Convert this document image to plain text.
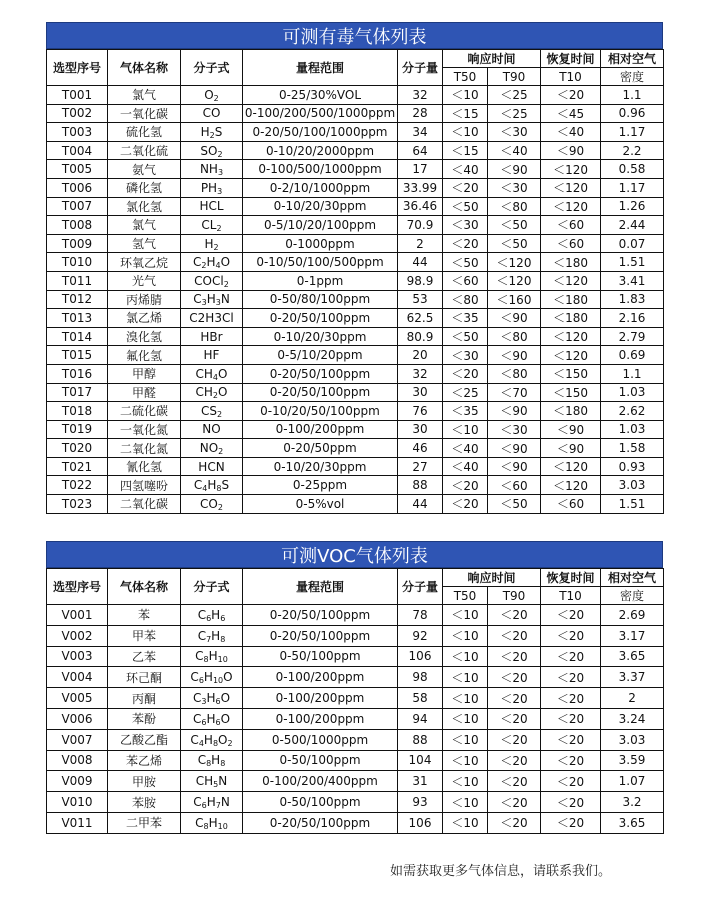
可测有毒气体列表
选型序号	气体名称	分子式	量程范围	分子量	响应时间		恢复时间	相对空气
					T50	T90	T10	密度
T001	氯气	$O_2$	0-25/30%VOL	32	＜10	＜25	＜20	1.1
T002	一氧化碳	CO	0-100/200/500/1000ppm	28	＜15	＜25	＜45	0.96
T003	硫化氢	$H_2S$	0-20/50/100/1000ppm	34	＜10	＜30	＜40	1.17
T004	二氧化硫	$SO_2$	0-10/20/2000ppm	64	＜15	＜40	＜90	2.2
T005	氨气	$NH_3$	0-100/500/1000ppm	17	＜40	＜90	＜120	0.58
T006	磷化氢	$PH_3$	0-2/10/1000ppm	33.99	＜20	＜30	＜120	1.17
T007	氯化氢	HCL	0-10/20/30ppm	36.46	＜50	＜80	＜120	1.26
T008	氯气	$CL_2$	0-5/10/20/100ppm	70.9	＜30	＜50	＜60	2.44
T009	氢气	$H_2$	0-1000ppm	2	＜20	＜50	＜60	0.07
T010	环氧乙烷	$C_2H_4O$	0-10/50/100/500ppm	44	＜50	＜120	＜180	1.51
T011	光气	COCl$_2$	0-1ppm	98.9	＜60	＜120	＜120	3.41
T012	丙烯腈	$C_3H_3N$	0-50/80/100ppm	53	＜80	＜160	＜180	1.83
T013	氯乙烯	C2H3Cl	0-20/50/100ppm	62.5	＜35	＜90	＜180	2.16
T014	溴化氢	HBr	0-10/20/30ppm	80.9	＜50	＜80	＜120	2.79
T015	氟化氢	HF	0-5/10/20ppm	20	＜30	＜90	＜120	0.69
T016	甲醇	$CH_4O$	0-20/50/100ppm	32	＜20	＜80	＜150	1.1
T017	甲醛	$CH_2O$	0-20/50/100ppm	30	＜25	＜70	＜150	1.03
T018	二硫化碳	$CS_2$	0-10/20/50/100ppm	76	＜35	＜90	＜180	2.62
T019	一氧化氮	NO	0-100/200ppm	30	＜10	＜30	＜90	1.03
T020	二氧化氮	$NO_2$	0-20/50ppm	46	＜40	＜90	＜90	1.58
T021	氰化氢	HCN	0-10/20/30ppm	27	＜40	＜90	＜120	0.93
T022	四氢噻吩	$C_4H_8S$	0-25ppm	88	＜20	＜60	＜120	3.03
T023	二氧化碳	$CO_2$	0-5%vol	44	＜20	＜50	＜60	1.51
可测VOC气体列表
选型序号	气体名称	分子式	量程范围	分子量	响应时间		恢复时间	相对空气
					T50	T90	T10	密度
V001	苯	$C_6H_6$	0-20/50/100ppm	78	＜10	＜20	＜20	2.69
V002	甲苯	$C_7H_8$	0-20/50/100ppm	92	＜10	＜20	＜20	3.17
V003	乙苯	$C_8H_{10}$	0-50/100ppm	106	＜10	＜20	＜20	3.65
V004	环己酮	$C_6H_{10}O$	0-100/200ppm	98	＜10	＜20	＜20	3.37
V005	丙酮	$C_3H_6O$	0-100/200ppm	58	＜10	＜20	＜20	2
V006	苯酚	$C_6H_6O$	0-100/200ppm	94	＜10	＜20	＜20	3.24
V007	乙酸乙酯	$C_4H_8O_2$	0-500/1000ppm	88	＜10	＜20	＜20	3.03
V008	苯乙烯	$C_8H_8$	0-50/100ppm	104	＜10	＜20	＜20	3.59
V009	甲胺	$CH_5N$	0-100/200/400ppm	31	＜10	＜20	＜20	1.07
V010	苯胺	$C_6H_7N$	0-50/100ppm	93	＜10	＜20	＜20	3.2
V011	二甲苯	$C_8H_{10}$	0-20/50/100ppm	106	＜10	＜20	＜20	3.65
如需获取更多气体信息，请联系我们。
